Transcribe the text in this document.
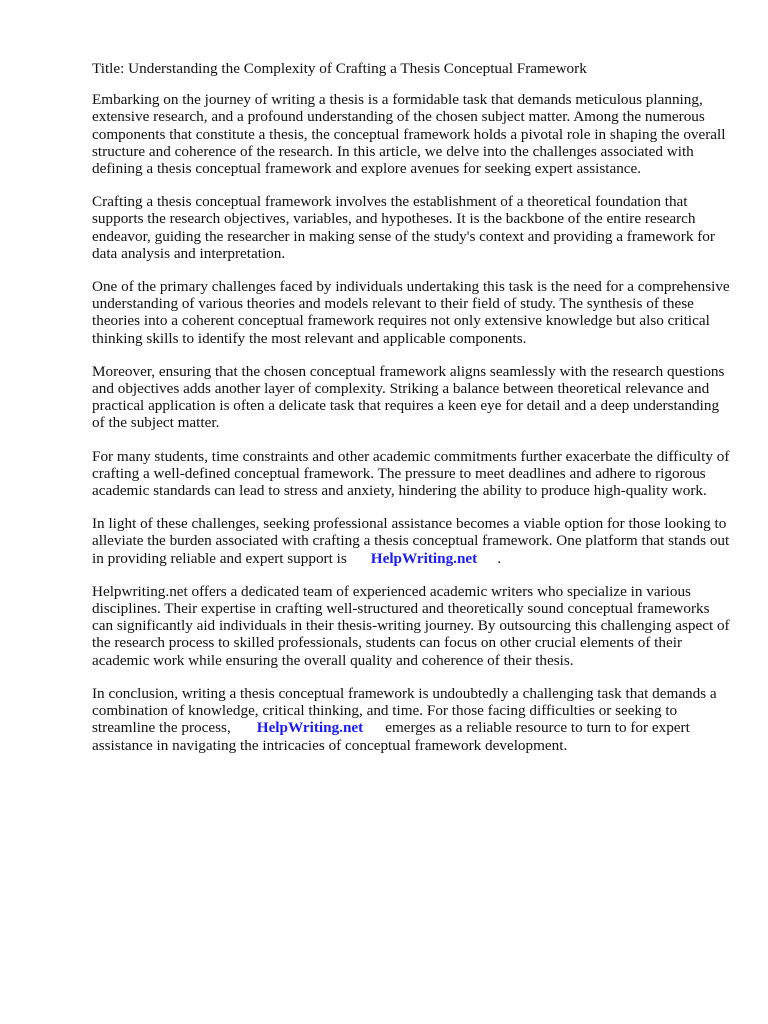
Title: Understanding the Complexity of Crafting a Thesis Conceptual Framework

Embarking on the journey of writing a thesis is a formidable task that demands meticulous planning, extensive research, and a profound understanding of the chosen subject matter. Among the numerous components that constitute a thesis, the conceptual framework holds a pivotal role in shaping the overall structure and coherence of the research. In this article, we delve into the challenges associated with defining a thesis conceptual framework and explore avenues for seeking expert assistance.

Crafting a thesis conceptual framework involves the establishment of a theoretical foundation that supports the research objectives, variables, and hypotheses. It is the backbone of the entire research endeavor, guiding the researcher in making sense of the study's context and providing a framework for data analysis and interpretation.

One of the primary challenges faced by individuals undertaking this task is the need for a comprehensive understanding of various theories and models relevant to their field of study. The synthesis of these theories into a coherent conceptual framework requires not only extensive knowledge but also critical thinking skills to identify the most relevant and applicable components.

Moreover, ensuring that the chosen conceptual framework aligns seamlessly with the research questions and objectives adds another layer of complexity. Striking a balance between theoretical relevance and practical application is often a delicate task that requires a keen eye for detail and a deep understanding of the subject matter.

For many students, time constraints and other academic commitments further exacerbate the difficulty of crafting a well-defined conceptual framework. The pressure to meet deadlines and adhere to rigorous academic standards can lead to stress and anxiety, hindering the ability to produce high-quality work.

In light of these challenges, seeking professional assistance becomes a viable option for those looking to alleviate the burden associated with crafting a thesis conceptual framework. One platform that stands out in providing reliable and expert support is HelpWriting.net .

Helpwriting.net offers a dedicated team of experienced academic writers who specialize in various disciplines. Their expertise in crafting well-structured and theoretically sound conceptual frameworks can significantly aid individuals in their thesis-writing journey. By outsourcing this challenging aspect of the research process to skilled professionals, students can focus on other crucial elements of their academic work while ensuring the overall quality and coherence of their thesis.

In conclusion, writing a thesis conceptual framework is undoubtedly a challenging task that demands a combination of knowledge, critical thinking, and time. For those facing difficulties or seeking to streamline the process, HelpWriting.net emerges as a reliable resource to turn to for expert assistance in navigating the intricacies of conceptual framework development.
